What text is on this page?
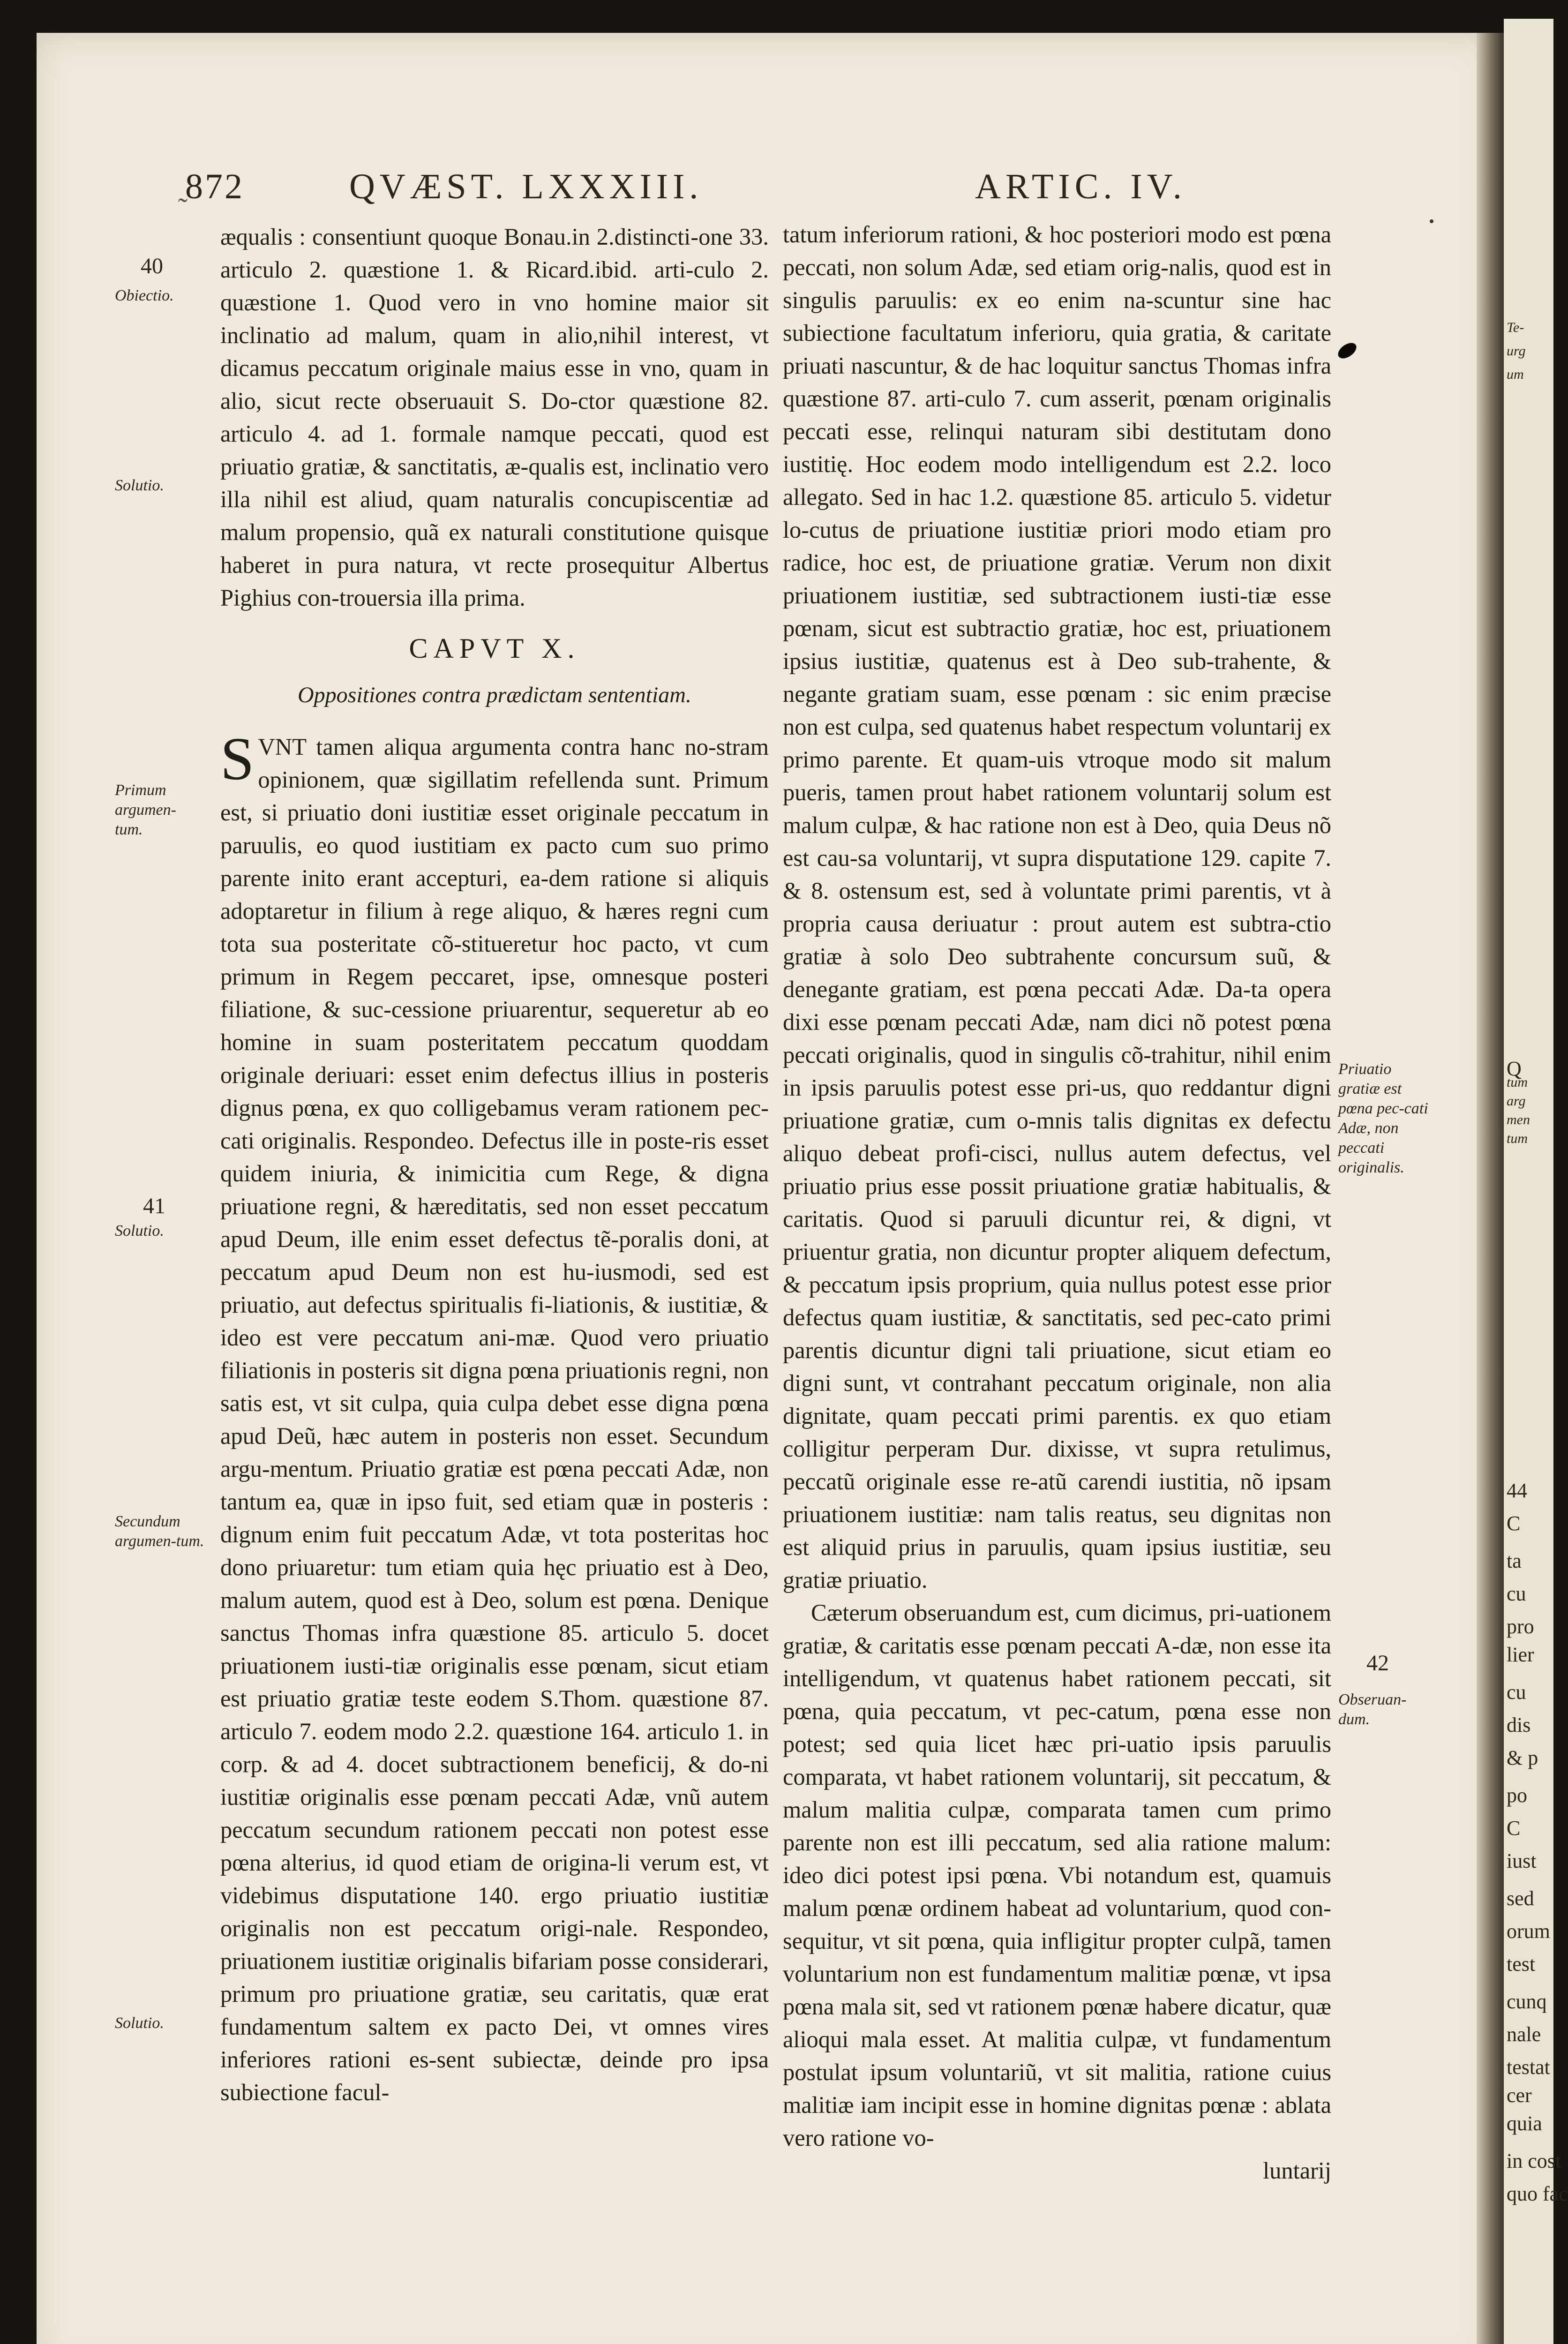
Te-
urg
um
Q
tum
arg
men
tum
44
C
ta
cu
pro
lier
cu
dis
& p
po
C
iust
sed
orum
test
cunq
nale
testat
cer
quia
in cost
quo fac
˜
872	QVÆST. LXXXIII.	ARTIC. IV.
40
Obiectio.
Solutio.
Primum argumen-tum.
41
Solutio.
Secundum argumen-tum.
Solutio.
Priuatio gratiæ est pœna pec-cati Adæ, non peccati originalis.
42
Obseruan-dum.

æqualis : consentiunt quoque Bonau.in 2.distincti-one 33. articulo 2. quæstione 1. & Ricard.ibid. arti-culo 2. quæstione 1. Quod vero in vno homine maior sit inclinatio ad malum, quam in alio,nihil interest, vt dicamus peccatum originale maius esse in vno, quam in alio, sicut recte obseruauit S. Do-ctor quæstione 82. articulo 4. ad 1. formale namque peccati, quod est priuatio gratiæ, & sanctitatis, æ-qualis est, inclinatio vero illa nihil est aliud, quam naturalis concupiscentiæ ad malum propensio, quã ex naturali constitutione quisque haberet in pura natura, vt recte prosequitur Albertus Pighius con-trouersia illa prima.

CAPVT X.

Oppositiones contra prædictam sententiam.

SVNT tamen aliqua argumenta contra hanc no-stram opinionem, quæ sigillatim refellenda sunt. Primum est, si priuatio doni iustitiæ esset originale peccatum in paruulis, eo quod iustitiam ex pacto cum suo primo parente inito erant accepturi, ea-dem ratione si aliquis adoptaretur in filium à rege aliquo, & hæres regni cum tota sua posteritate cõ-stitueretur hoc pacto, vt cum primum in Regem peccaret, ipse, omnesque posteri filiatione, & suc-cessione priuarentur, sequeretur ab eo homine in suam posteritatem peccatum quoddam originale deriuari: esset enim defectus illius in posteris dignus pœna, ex quo colligebamus veram rationem pec-cati originalis. Respondeo. Defectus ille in poste-ris esset quidem iniuria, & inimicitia cum Rege, & digna priuatione regni, & hæreditatis, sed non esset peccatum apud Deum, ille enim esset defectus tẽ-poralis doni, at peccatum apud Deum non est hu-iusmodi, sed est priuatio, aut defectus spiritualis fi-liationis, & iustitiæ, & ideo est vere peccatum ani-mæ. Quod vero priuatio filiationis in posteris sit digna pœna priuationis regni, non satis est, vt sit culpa, quia culpa debet esse digna pœna apud Deũ, hæc autem in posteris non esset. Secundum argu-mentum. Priuatio gratiæ est pœna peccati Adæ, non tantum ea, quæ in ipso fuit, sed etiam quæ in posteris : dignum enim fuit peccatum Adæ, vt tota posteritas hoc dono priuaretur: tum etiam quia hęc priuatio est à Deo, malum autem, quod est à Deo, solum est pœna. Denique sanctus Thomas infra quæstione 85. articulo 5. docet priuationem iusti-tiæ originalis esse pœnam, sicut etiam est priuatio gratiæ teste eodem S.Thom. quæstione 87. articulo 7. eodem modo 2.2. quæstione 164. articulo 1. in corp. & ad 4. docet subtractionem beneficij, & do-ni iustitiæ originalis esse pœnam peccati Adæ, vnũ autem peccatum secundum rationem peccati non potest esse pœna alterius, id quod etiam de origina-li verum est, vt videbimus disputatione 140. ergo priuatio iustitiæ originalis non est peccatum origi-nale. Respondeo, priuationem iustitiæ originalis bifariam posse considerari, primum pro priuatione gratiæ, seu caritatis, quæ erat fundamentum saltem ex pacto Dei, vt omnes vires inferiores rationi es-sent subiectæ, deinde pro ipsa subiectione facul-

tatum inferiorum rationi, & hoc posteriori modo est pœna peccati, non solum Adæ, sed etiam orig-nalis, quod est in singulis paruulis: ex eo enim na-scuntur sine hac subiectione facultatum inferioru, quia gratia, & caritate priuati nascuntur, & de hac loquitur sanctus Thomas infra quæstione 87. arti-culo 7. cum asserit, pœnam originalis peccati esse, relinqui naturam sibi destitutam dono iustitię. Hoc eodem modo intelligendum est 2.2. loco allegato. Sed in hac 1.2. quæstione 85. articulo 5. videtur lo-cutus de priuatione iustitiæ priori modo etiam pro radice, hoc est, de priuatione gratiæ. Verum non dixit priuationem iustitiæ, sed subtractionem iusti-tiæ esse pœnam, sicut est subtractio gratiæ, hoc est, priuationem ipsius iustitiæ, quatenus est à Deo sub-trahente, & negante gratiam suam, esse pœnam : sic enim præcise non est culpa, sed quatenus habet respectum voluntarij ex primo parente. Et quam-uis vtroque modo sit malum pueris, tamen prout habet rationem voluntarij solum est malum culpæ, & hac ratione non est à Deo, quia Deus nõ est cau-sa voluntarij, vt supra disputatione 129. capite 7. & 8. ostensum est, sed à voluntate primi parentis, vt à propria causa deriuatur : prout autem est subtra-ctio gratiæ à solo Deo subtrahente concursum suũ, & denegante gratiam, est pœna peccati Adæ. Da-ta opera dixi esse pœnam peccati Adæ, nam dici nõ potest pœna peccati originalis, quod in singulis cõ-trahitur, nihil enim in ipsis paruulis potest esse pri-us, quo reddantur digni priuatione gratiæ, cum o-mnis talis dignitas ex defectu aliquo debeat profi-cisci, nullus autem defectus, vel priuatio prius esse possit priuatione gratiæ habitualis, & caritatis. Quod si paruuli dicuntur rei, & digni, vt priuentur gratia, non dicuntur propter aliquem defectum, & peccatum ipsis proprium, quia nullus potest esse prior defectus quam iustitiæ, & sanctitatis, sed pec-cato primi parentis dicuntur digni tali priuatione, sicut etiam eo digni sunt, vt contrahant peccatum originale, non alia dignitate, quam peccati primi parentis. ex quo etiam colligitur perperam Dur. dixisse, vt supra retulimus, peccatũ originale esse re-atũ carendi iustitia, nõ ipsam priuationem iustitiæ: nam talis reatus, seu dignitas non est aliquid prius in paruulis, quam ipsius iustitiæ, seu gratiæ priuatio.

Cæterum obseruandum est, cum dicimus, pri-uationem gratiæ, & caritatis esse pœnam peccati A-dæ, non esse ita intelligendum, vt quatenus habet rationem peccati, sit pœna, quia peccatum, vt pec-catum, pœna esse non potest; sed quia licet hæc pri-uatio ipsis paruulis comparata, vt habet rationem voluntarij, sit peccatum, & malum malitia culpæ, comparata tamen cum primo parente non est illi peccatum, sed alia ratione malum: ideo dici potest ipsi pœna. Vbi notandum est, quamuis malum pœnæ ordinem habeat ad voluntarium, quod con-sequitur, vt sit pœna, quia infligitur propter culpã, tamen voluntarium non est fundamentum malitiæ pœnæ, vt ipsa pœna mala sit, sed vt rationem pœnæ habere dicatur, quæ alioqui mala esset. At malitia culpæ, vt fundamentum postulat ipsum voluntariũ, vt sit malitia, ratione cuius malitiæ iam incipit esse in homine dignitas pœnæ : ablata vero ratione vo-

luntarij
